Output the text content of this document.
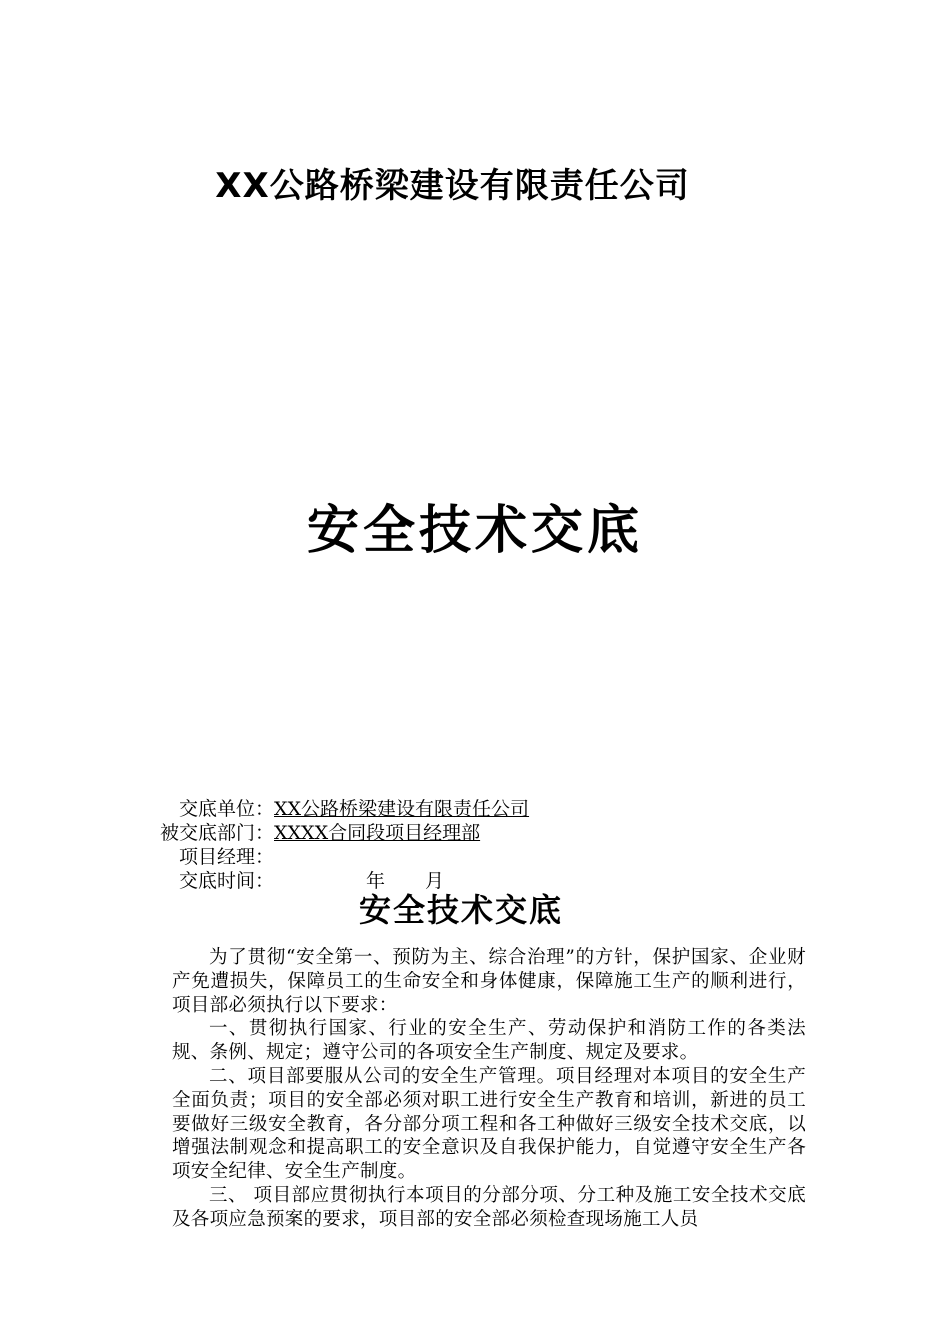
XX公路桥梁建设有限责任公司
安全技术交底
交底单位： XX公路桥梁建设有限责任公司
被交底部门： XXXX合同段项目经理部
项目经理：
交底时间：	年 月
安全技术交底

为了贯彻“安全第一、预防为主、综合治理”的方针，保护国家、企业财产免遭损失，保障员工的生命安全和身体健康，保障施工生产的顺利进行，项目部必须执行以下要求：

一、贯彻执行国家、行业的安全生产、劳动保护和消防工作的各类法规、条例、规定；遵守公司的各项安全生产制度、规定及要求。

二、项目部要服从公司的安全生产管理。项目经理对本项目的安全生产全面负责；项目的安全部必须对职工进行安全生产教育和培训，新进的员工要做好三级安全教育，各分部分项工程和各工种做好三级安全技术交底，以增强法制观念和提高职工的安全意识及自我保护能力，自觉遵守安全生产各项安全纪律、安全生产制度。

三、 项目部应贯彻执行本项目的分部分项、分工种及施工安全技术交底及各项应急预案的要求，项目部的安全部必须检查现场施工人员
